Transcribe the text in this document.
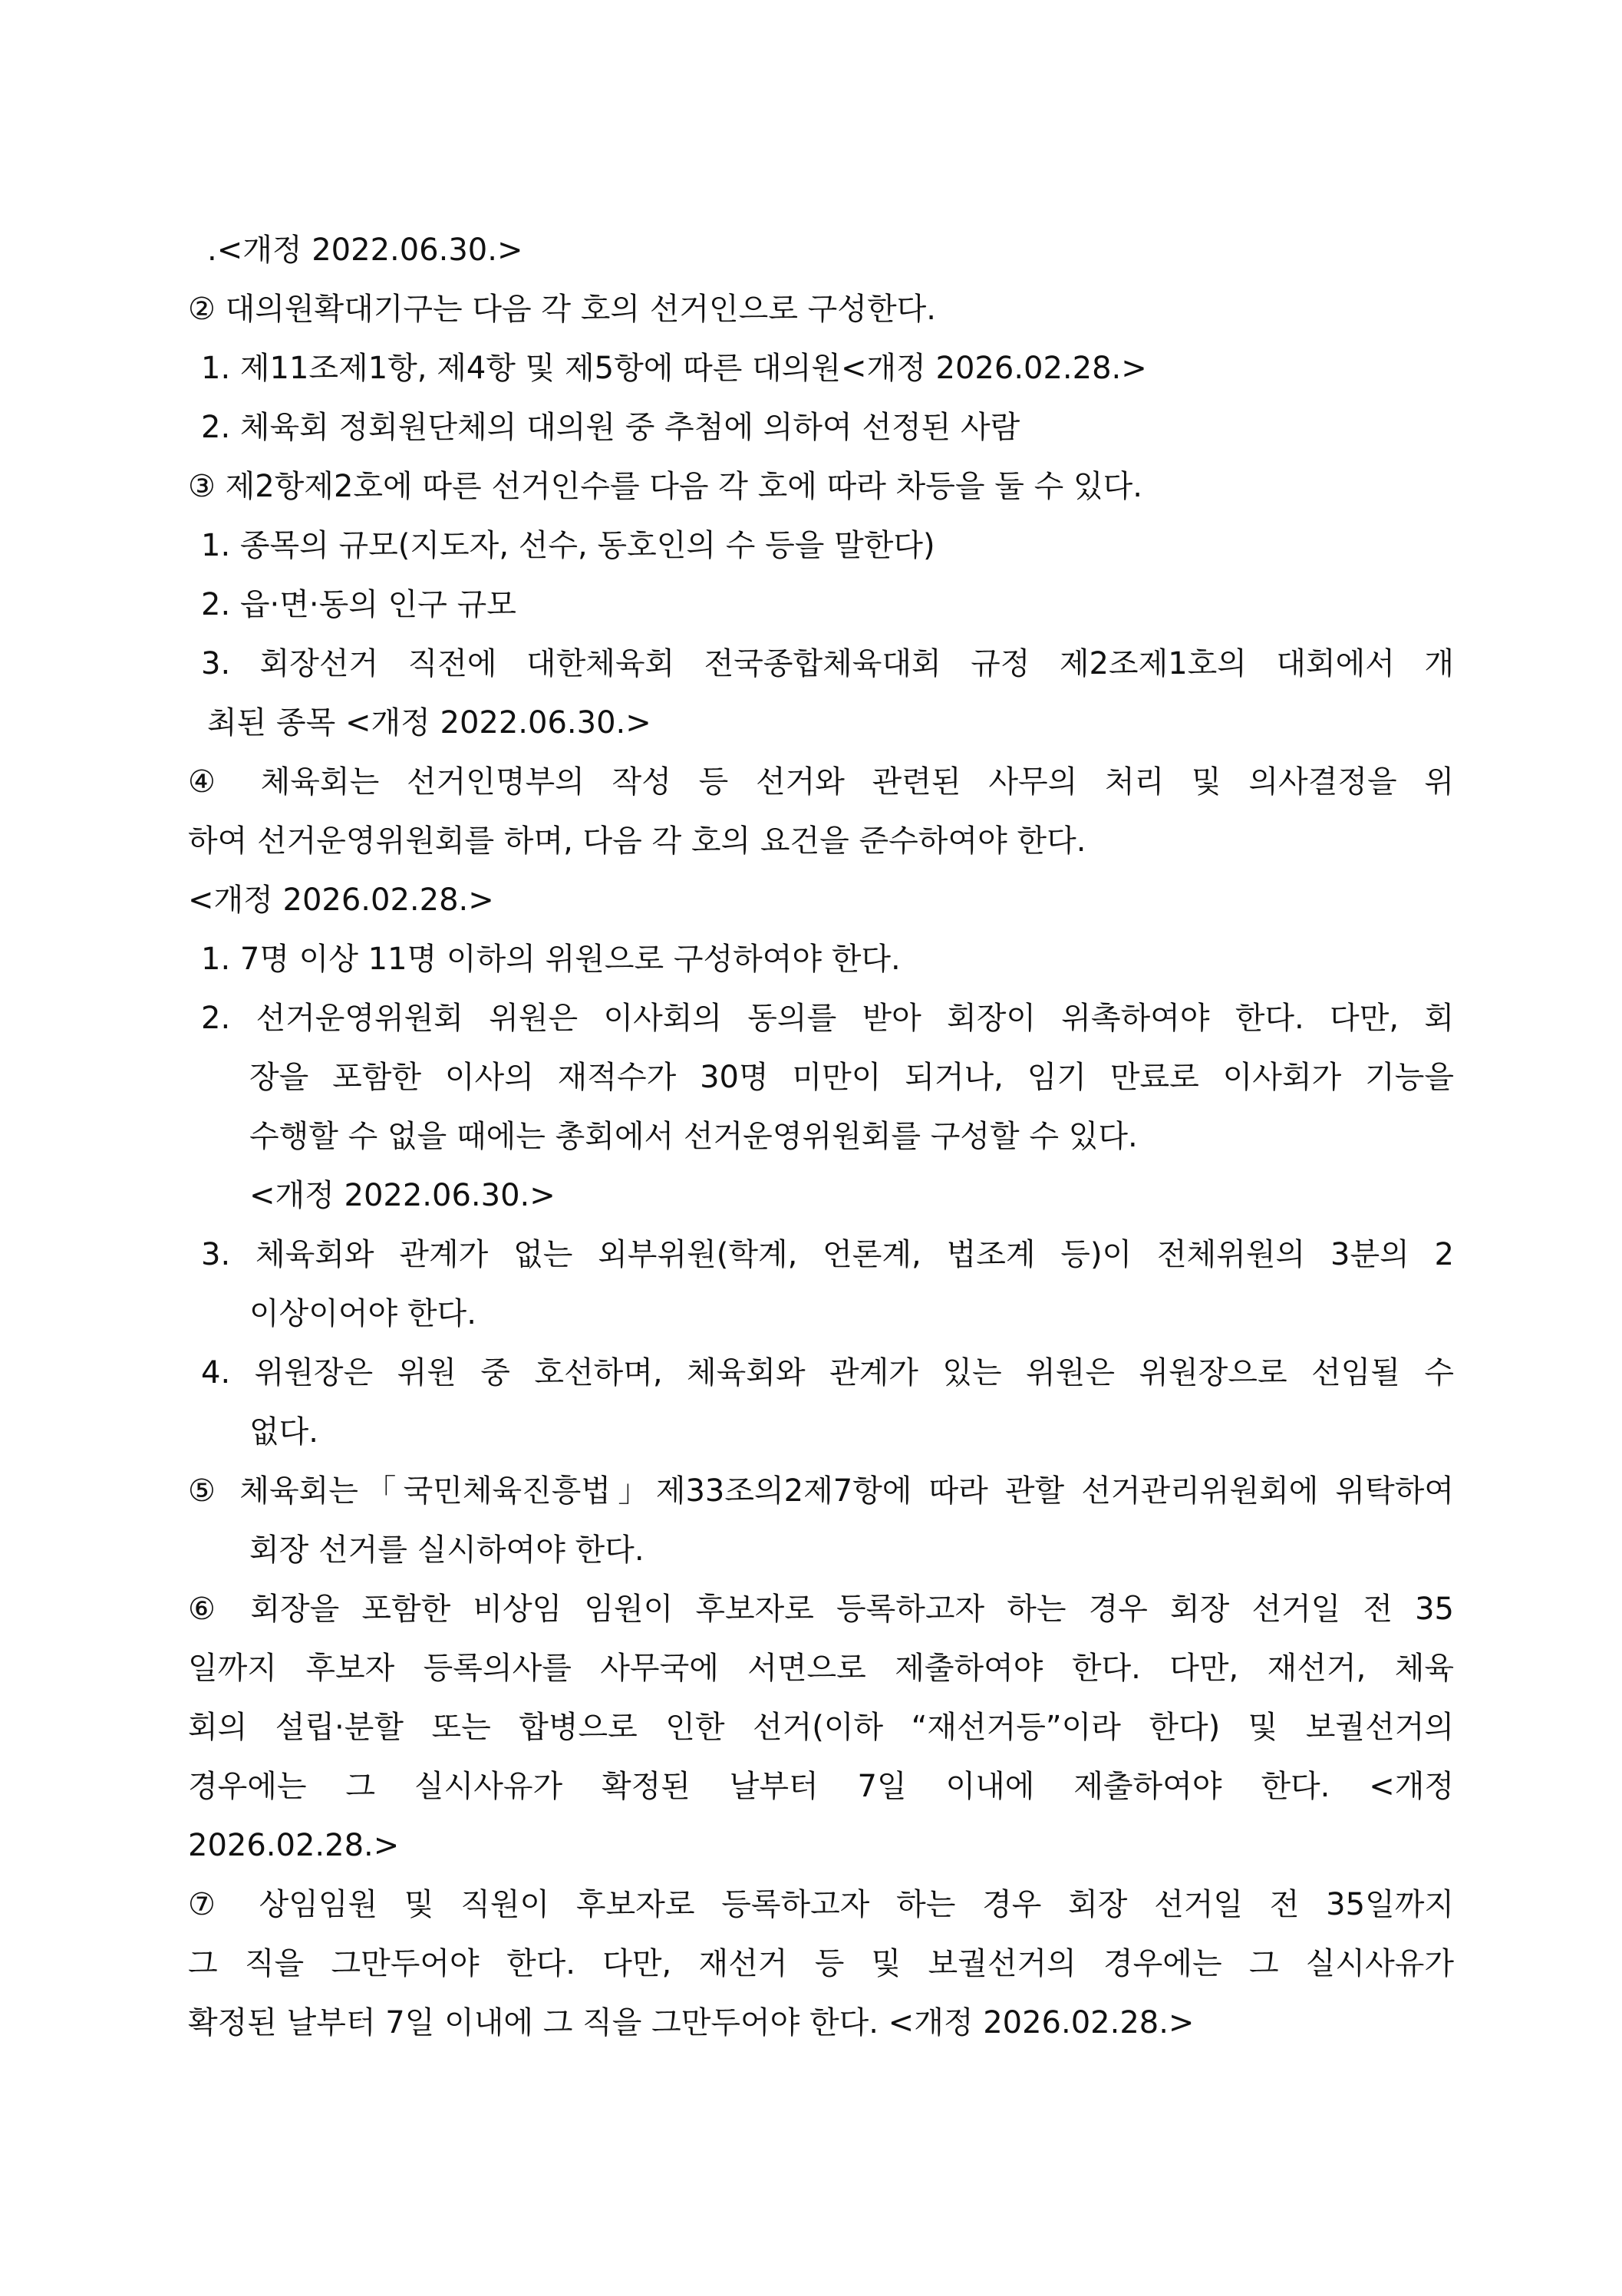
.<개정 2022.06.30.>
② 대의원확대기구는 다음 각 호의 선거인으로 구성한다.
1. 제11조제1항, 제4항 및 제5항에 따른 대의원<개정 2026.02.28.>
2. 체육회 정회원단체의 대의원 중 추첨에 의하여 선정된 사람
③ 제2항제2호에 따른 선거인수를 다음 각 호에 따라 차등을 둘 수 있다.
1. 종목의 규모(지도자, 선수, 동호인의 수 등을 말한다)
2. 읍·면·동의 인구 규모
3. 회장선거 직전에 대한체육회 전국종합체육대회 규정 제2조제1호의 대회에서 개
최된 종목 <개정 2022.06.30.>
④ 체육회는 선거인명부의 작성 등 선거와 관련된 사무의 처리 및 의사결정을 위
하여 선거운영위원회를 하며, 다음 각 호의 요건을 준수하여야 한다.
<개정 2026.02.28.>
1. 7명 이상 11명 이하의 위원으로 구성하여야 한다.
2. 선거운영위원회 위원은 이사회의 동의를 받아 회장이 위촉하여야 한다. 다만, 회
장을 포함한 이사의 재적수가 30명 미만이 되거나, 임기 만료로 이사회가 기능을
수행할 수 없을 때에는 총회에서 선거운영위원회를 구성할 수 있다.
<개정 2022.06.30.>
3. 체육회와 관계가 없는 외부위원(학계, 언론계, 법조계 등)이 전체위원의 3분의 2
이상이어야 한다.
4. 위원장은 위원 중 호선하며, 체육회와 관계가 있는 위원은 위원장으로 선임될 수
없다.
⑤ 체육회는「국민체육진흥법」제33조의2제7항에 따라 관할 선거관리위원회에 위탁하여
회장 선거를 실시하여야 한다.
⑥ 회장을 포함한 비상임 임원이 후보자로 등록하고자 하는 경우 회장 선거일 전 35
일까지 후보자 등록의사를 사무국에 서면으로 제출하여야 한다. 다만, 재선거, 체육
회의 설립·분할 또는 합병으로 인한 선거(이하 “재선거등”이라 한다) 및 보궐선거의
경우에는 그 실시사유가 확정된 날부터 7일 이내에 제출하여야 한다. <개정
2026.02.28.>
⑦ 상임임원 및 직원이 후보자로 등록하고자 하는 경우 회장 선거일 전 35일까지
그 직을 그만두어야 한다. 다만, 재선거 등 및 보궐선거의 경우에는 그 실시사유가
확정된 날부터 7일 이내에 그 직을 그만두어야 한다. <개정 2026.02.28.>
